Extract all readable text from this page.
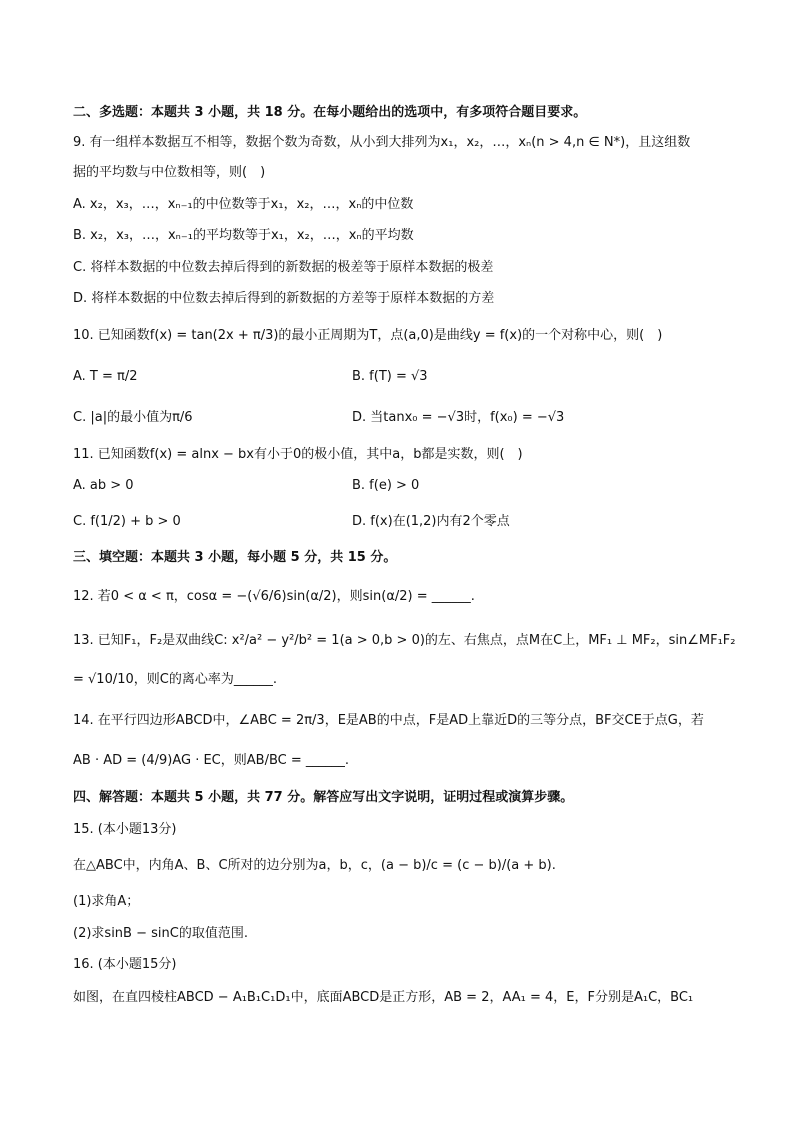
二、多选题：本题共 3 小题，共 18 分。在每小题给出的选项中，有多项符合题目要求。
9. 有一组样本数据互不相等，数据个数为奇数，从小到大排列为x₁，x₂，…，xₙ(n > 4,n ∈ N*)，且这组数
据的平均数与中位数相等，则(　)
A. x₂，x₃，…，xₙ₋₁的中位数等于x₁，x₂，…，xₙ的中位数
B. x₂，x₃，…，xₙ₋₁的平均数等于x₁，x₂，…，xₙ的平均数
C. 将样本数据的中位数去掉后得到的新数据的极差等于原样本数据的极差
D. 将样本数据的中位数去掉后得到的新数据的方差等于原样本数据的方差
10. 已知函数f(x) = tan(2x + π/3)的最小正周期为T，点(a,0)是曲线y = f(x)的一个对称中心，则(　)
A. T = π/2	B. f(T) = √3
C. |a|的最小值为π/6	D. 当tanx₀ = −√3时，f(x₀) = −√3
11. 已知函数f(x) = alnx − bx有小于0的极小值，其中a，b都是实数，则(　)
A. ab > 0	B. f(e) > 0
C. f(1/2) + b > 0	D. f(x)在(1,2)内有2个零点
三、填空题：本题共 3 小题，每小题 5 分，共 15 分。
12. 若0 < α < π，cosα = −(√6/6)sin(α/2)，则sin(α/2) = ______.
13. 已知F₁，F₂是双曲线C: x²/a² − y²/b² = 1(a > 0,b > 0)的左、右焦点，点M在C上，MF₁ ⊥ MF₂，sin∠MF₁F₂
= √10/10，则C的离心率为______.
14. 在平行四边形ABCD中，∠ABC = 2π/3，E是AB的中点，F是AD上靠近D的三等分点，BF交CE于点G，若
AB · AD = (4/9)AG · EC，则AB/BC = ______.
四、解答题：本题共 5 小题，共 77 分。解答应写出文字说明，证明过程或演算步骤。
15. (本小题13分)
在△ABC中，内角A、B、C所对的边分别为a，b，c，(a − b)/c = (c − b)/(a + b).
(1)求角A；
(2)求sinB − sinC的取值范围.
16. (本小题15分)
如图，在直四棱柱ABCD − A₁B₁C₁D₁中，底面ABCD是正方形，AB = 2，AA₁ = 4，E，F分别是A₁C，BC₁
